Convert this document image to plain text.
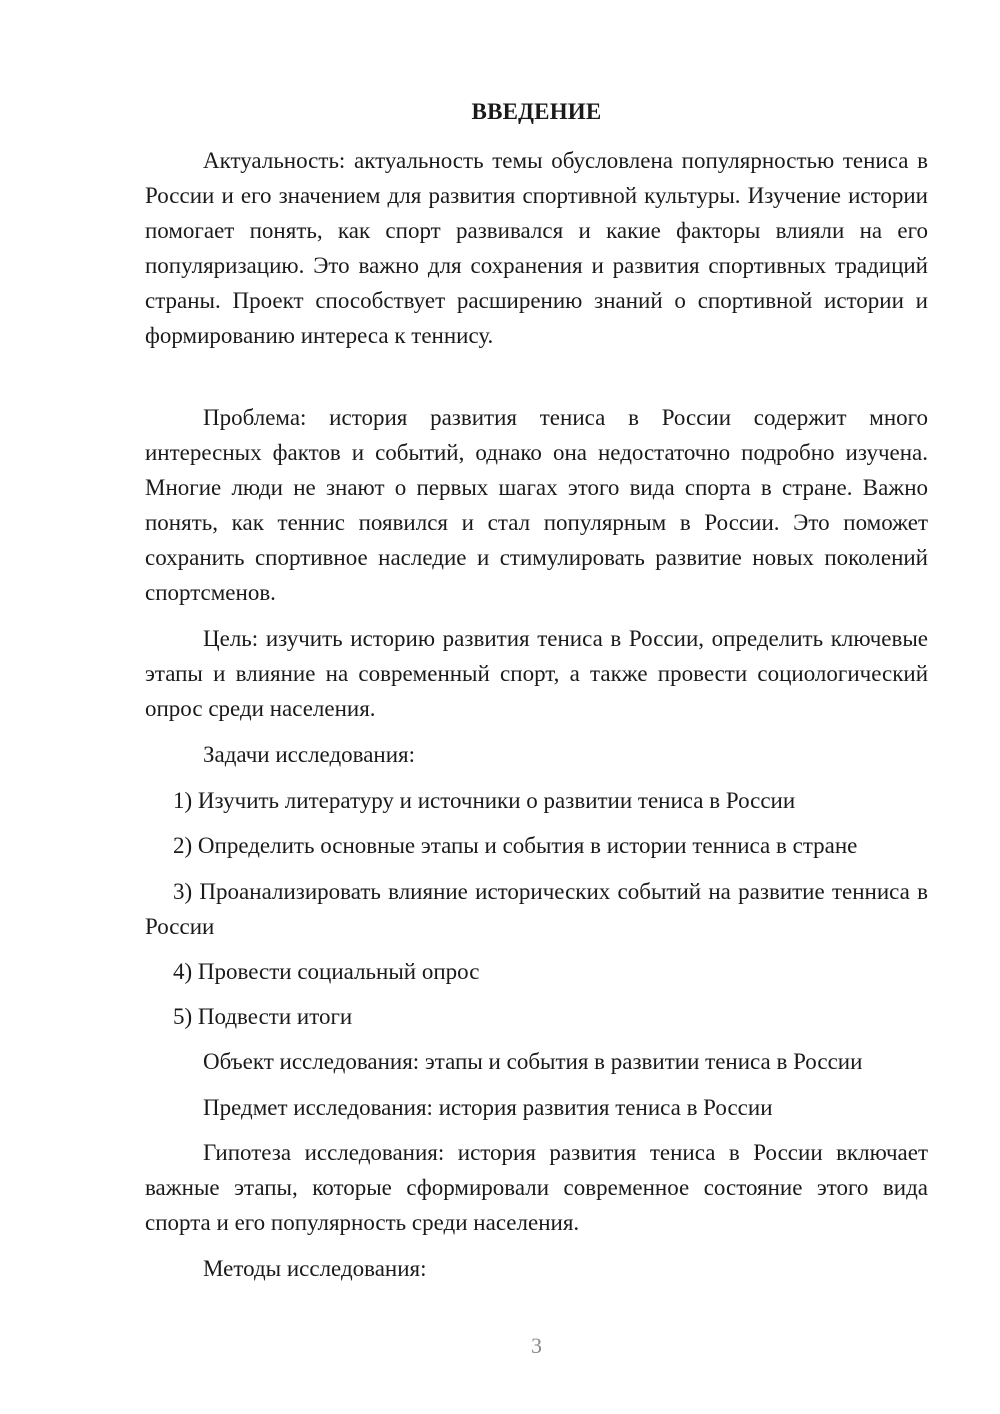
ВВЕДЕНИЕ

Актуальность: актуальность темы обусловлена популярностью тениса в России и его значением для развития спортивной культуры. Изучение истории помогает понять, как спорт развивался и какие факторы влияли на его популяризацию. Это важно для сохранения и развития спортивных традиций страны. Проект способствует расширению знаний о спортивной истории и формированию интереса к теннису.

Проблема: история развития тениса в России содержит много интересных фактов и событий, однако она недостаточно подробно изучена. Многие люди не знают о первых шагах этого вида спорта в стране. Важно понять, как теннис появился и стал популярным в России. Это поможет сохранить спортивное наследие и стимулировать развитие новых поколений спортсменов.

Цель: изучить историю развития тениса в России, определить ключевые этапы и влияние на современный спорт, а также провести социологический опрос среди населения.

Задачи исследования:

1) Изучить литературу и источники о развитии тениса в России

2) Определить основные этапы и события в истории тенниса в стране

3) Проанализировать влияние исторических событий на развитие тенниса в России

4) Провести социальный опрос

5) Подвести итоги

Объект исследования: этапы и события в развитии тениса в России

Предмет исследования: история развития тениса в России

Гипотеза исследования: история развития тениса в России включает важные этапы, которые сформировали современное состояние этого вида спорта и его популярность среди населения.

Методы исследования:

3
